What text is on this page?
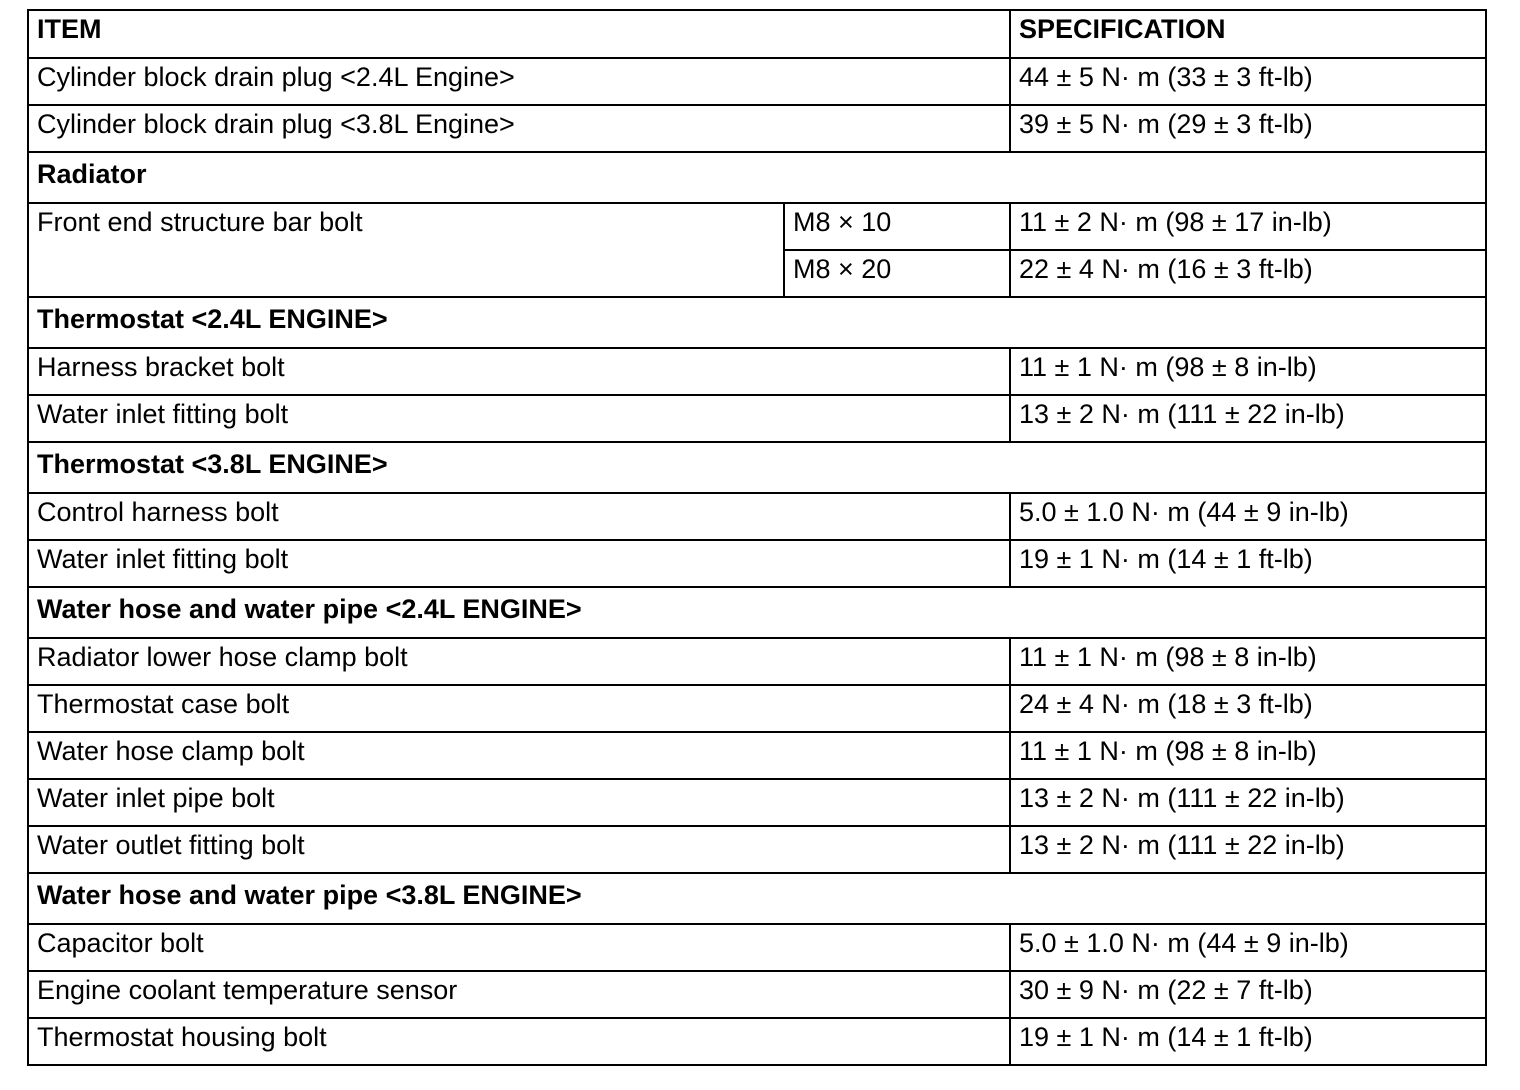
ITEM		SPECIFICATION
Cylinder block drain plug <2.4L Engine>		44 ± 5 N· m (33 ± 3 ft-lb)
Cylinder block drain plug <3.8L Engine>		39 ± 5 N· m (29 ± 3 ft-lb)
Radiator		
Front end structure bar bolt	M8 × 10	11 ± 2 N· m (98 ± 17 in-lb)
	M8 × 20	22 ± 4 N· m (16 ± 3 ft-lb)
Thermostat <2.4L ENGINE>		
Harness bracket bolt		11 ± 1 N· m (98 ± 8 in-lb)
Water inlet fitting bolt		13 ± 2 N· m (111 ± 22 in-lb)
Thermostat <3.8L ENGINE>		
Control harness bolt		5.0 ± 1.0 N· m (44 ± 9 in-lb)
Water inlet fitting bolt		19 ± 1 N· m (14 ± 1 ft-lb)
Water hose and water pipe <2.4L ENGINE>		
Radiator lower hose clamp bolt		11 ± 1 N· m (98 ± 8 in-lb)
Thermostat case bolt		24 ± 4 N· m (18 ± 3 ft-lb)
Water hose clamp bolt		11 ± 1 N· m (98 ± 8 in-lb)
Water inlet pipe bolt		13 ± 2 N· m (111 ± 22 in-lb)
Water outlet fitting bolt		13 ± 2 N· m (111 ± 22 in-lb)
Water hose and water pipe <3.8L ENGINE>		
Capacitor bolt		5.0 ± 1.0 N· m (44 ± 9 in-lb)
Engine coolant temperature sensor		30 ± 9 N· m (22 ± 7 ft-lb)
Thermostat housing bolt		19 ± 1 N· m (14 ± 1 ft-lb)
